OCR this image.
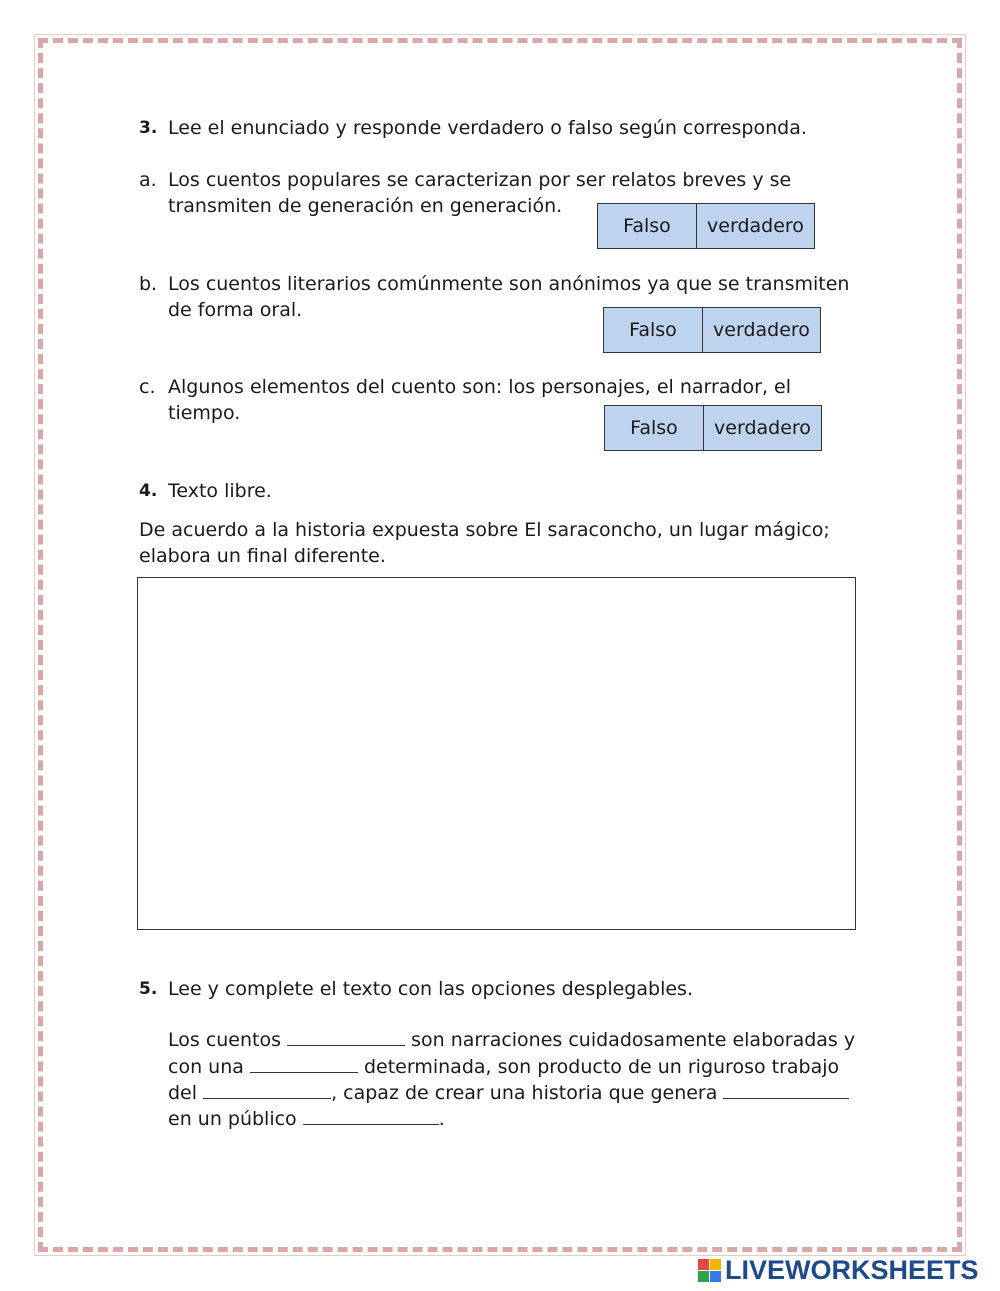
3. Lee el enunciado y responde verdadero o falso según corresponda.
a. Los cuentos populares se caracterizan por ser relatos breves y se
transmiten de generación en generación.
Falso	verdadero
b. Los cuentos literarios comúnmente son anónimos ya que se transmiten
de forma oral.
Falso	verdadero
c. Algunos elementos del cuento son: los personajes, el narrador, el
tiempo.
Falso	verdadero
4. Texto libre.
De acuerdo a la historia expuesta sobre El saraconcho, un lugar mágico;
elabora un final diferente.
5. Lee y complete el texto con las opciones desplegables.
Los cuentos	son narraciones cuidadosamente elaboradas y
con una	determinada, son producto de un riguroso trabajo
del	, capaz de crear una historia que genera
en un público	.
LIVEWORKSHEETS
